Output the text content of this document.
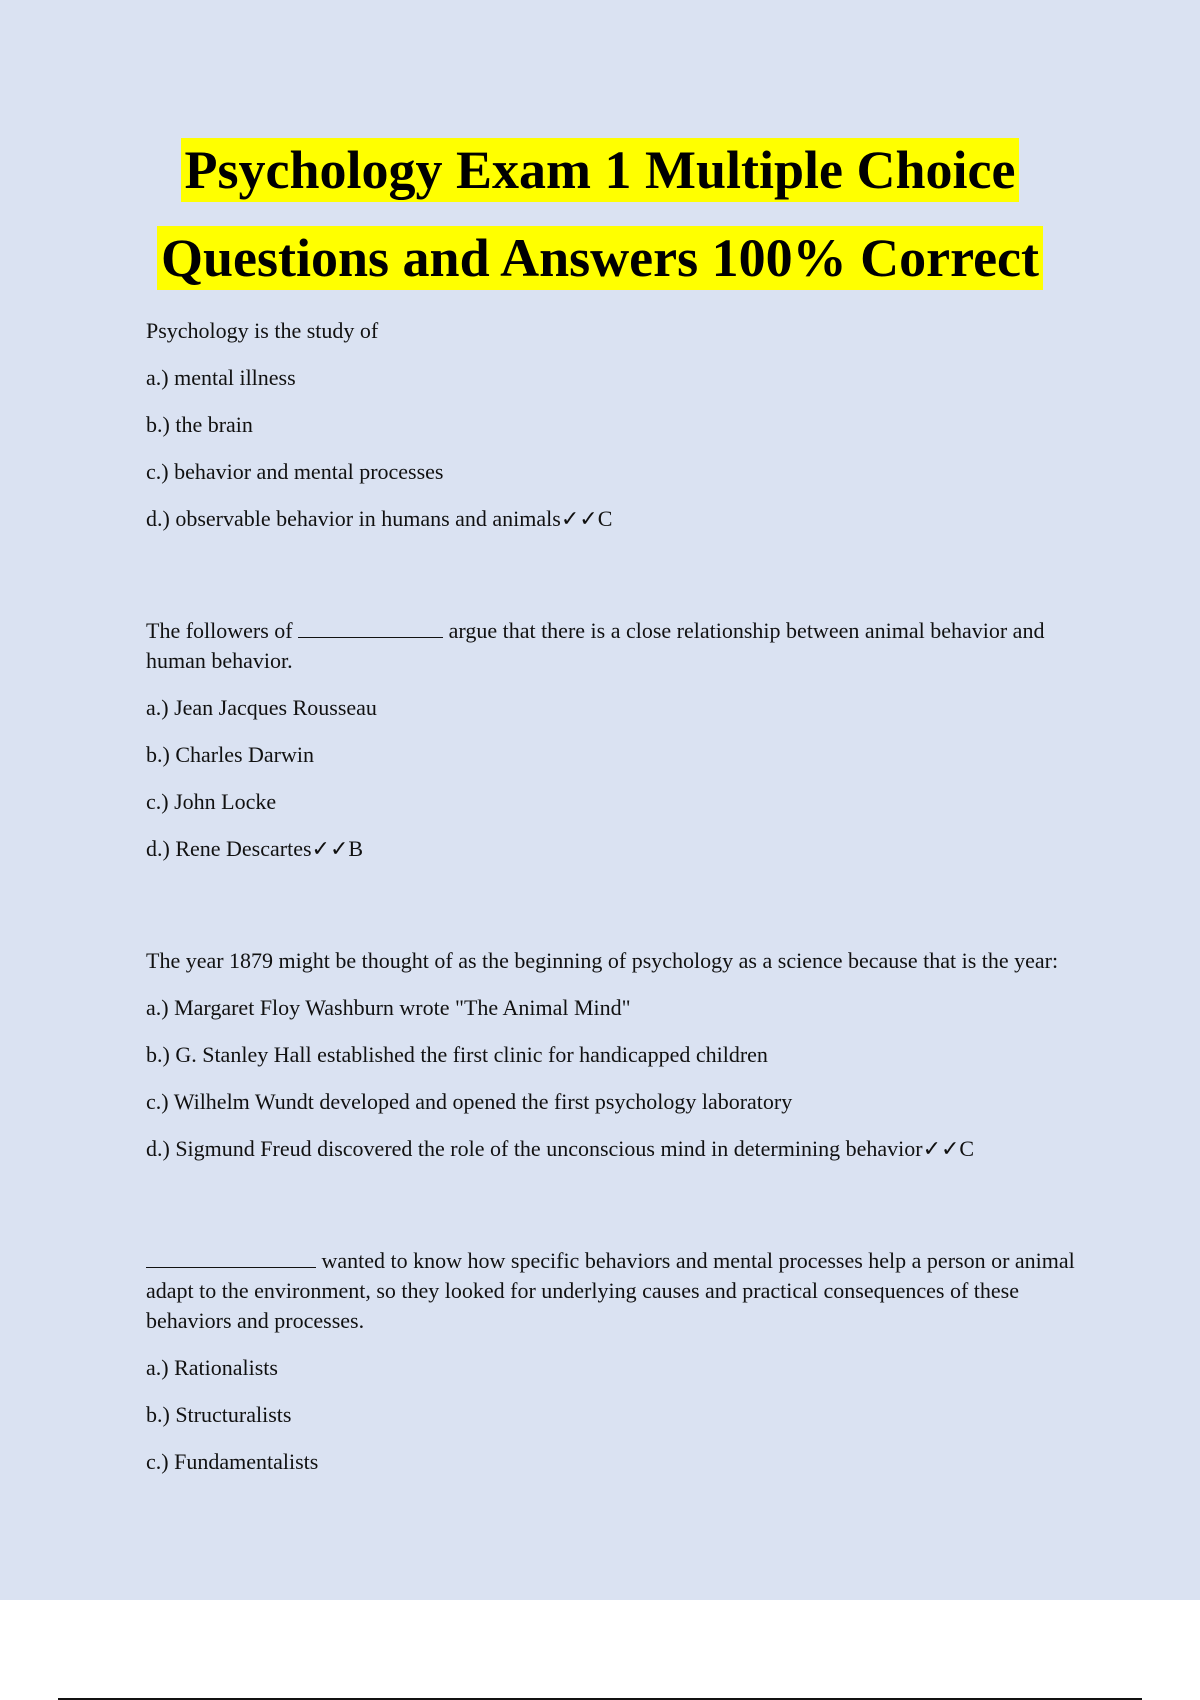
Psychology Exam 1 Multiple Choice
Questions and Answers 100% Correct
Psychology is the study of
a.) mental illness
b.) the brain
c.) behavior and mental processes
d.) observable behavior in humans and animals✓✓C
The followers of	argue that there is a close relationship between animal behavior and human behavior.
a.) Jean Jacques Rousseau
b.) Charles Darwin
c.) John Locke
d.) Rene Descartes✓✓B
The year 1879 might be thought of as the beginning of psychology as a science because that is the year:
a.) Margaret Floy Washburn wrote "The Animal Mind"
b.) G. Stanley Hall established the first clinic for handicapped children
c.) Wilhelm Wundt developed and opened the first psychology laboratory
d.) Sigmund Freud discovered the role of the unconscious mind in determining behavior✓✓C
wanted to know how specific behaviors and mental processes help a person or animal adapt to the environment, so they looked for underlying causes and practical consequences of these behaviors and processes.
a.) Rationalists
b.) Structuralists
c.) Fundamentalists
